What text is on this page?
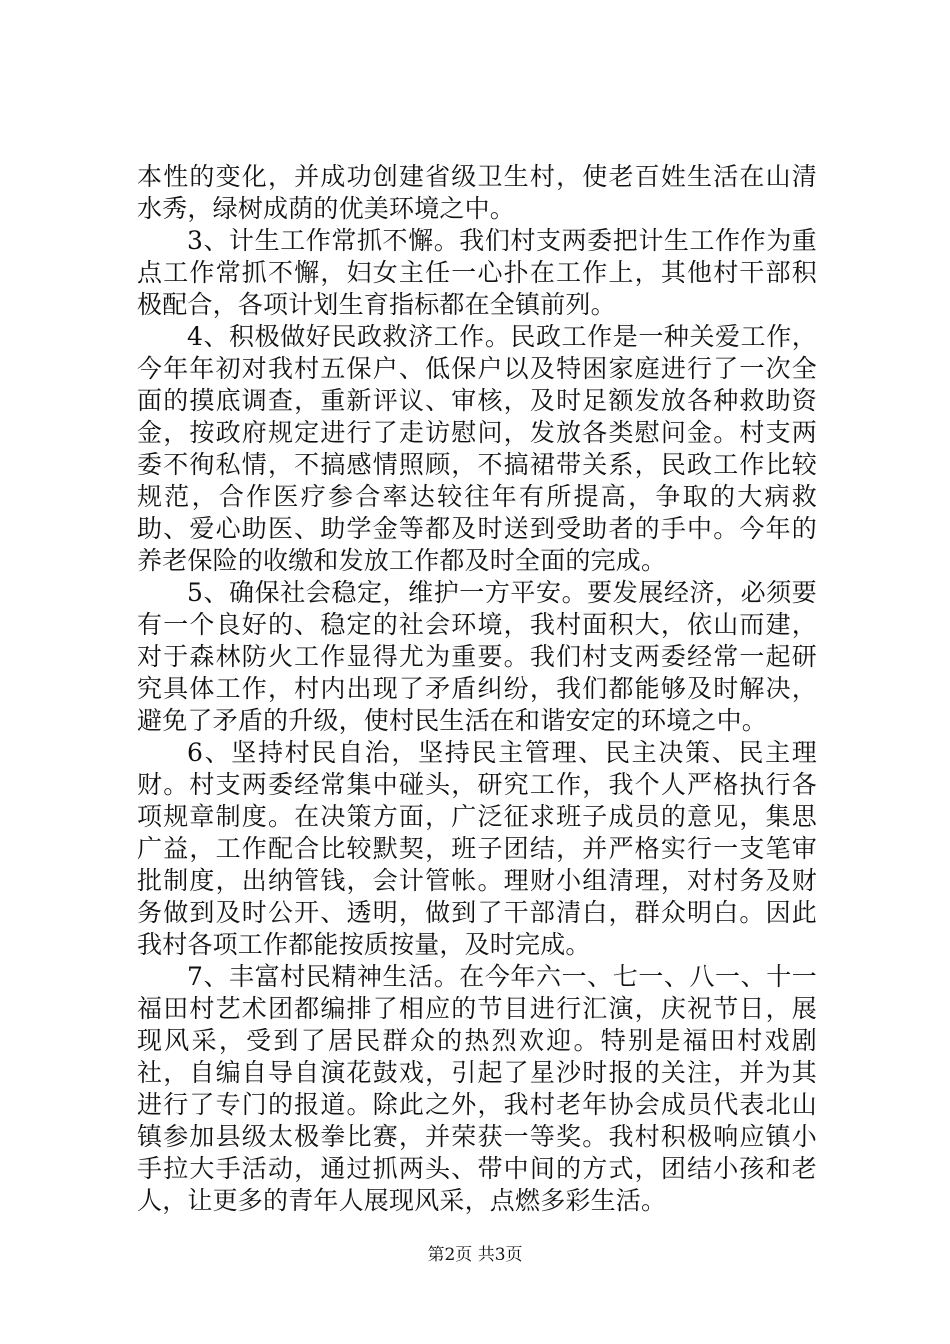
本性的变化，并成功创建省级卫生村，使老百姓生活在山清水秀，绿树成荫的优美环境之中。

3、计生工作常抓不懈。我们村支两委把计生工作作为重点工作常抓不懈，妇女主任一心扑在工作上，其他村干部积极配合，各项计划生育指标都在全镇前列。

4、积极做好民政救济工作。民政工作是一种关爱工作，今年年初对我村五保户、低保户以及特困家庭进行了一次全面的摸底调查，重新评议、审核，及时足额发放各种救助资金，按政府规定进行了走访慰问，发放各类慰问金。村支两委不徇私情，不搞感情照顾，不搞裙带关系，民政工作比较规范，合作医疗参合率达较往年有所提高，争取的大病救助、爱心助医、助学金等都及时送到受助者的手中。今年的养老保险的收缴和发放工作都及时全面的完成。

5、确保社会稳定，维护一方平安。要发展经济，必须要有一个良好的、稳定的社会环境，我村面积大，依山而建，对于森林防火工作显得尤为重要。我们村支两委经常一起研究具体工作，村内出现了矛盾纠纷，我们都能够及时解决，避免了矛盾的升级，使村民生活在和谐安定的环境之中。

6、坚持村民自治，坚持民主管理、民主决策、民主理财。村支两委经常集中碰头，研究工作，我个人严格执行各项规章制度。在决策方面，广泛征求班子成员的意见，集思广益，工作配合比较默契，班子团结，并严格实行一支笔审批制度，出纳管钱，会计管帐。理财小组清理，对村务及财务做到及时公开、透明，做到了干部清白，群众明白。因此我村各项工作都能按质按量，及时完成。

7、丰富村民精神生活。在今年六一、七一、八一、十一福田村艺术团都编排了相应的节目进行汇演，庆祝节日，展现风采，受到了居民群众的热烈欢迎。特别是福田村戏剧社，自编自导自演花鼓戏，引起了星沙时报的关注，并为其进行了专门的报道。除此之外，我村老年协会成员代表北山镇参加县级太极拳比赛，并荣获一等奖。我村积极响应镇小手拉大手活动，通过抓两头、带中间的方式，团结小孩和老人，让更多的青年人展现风采，点燃多彩生活。

第2页 共3页
